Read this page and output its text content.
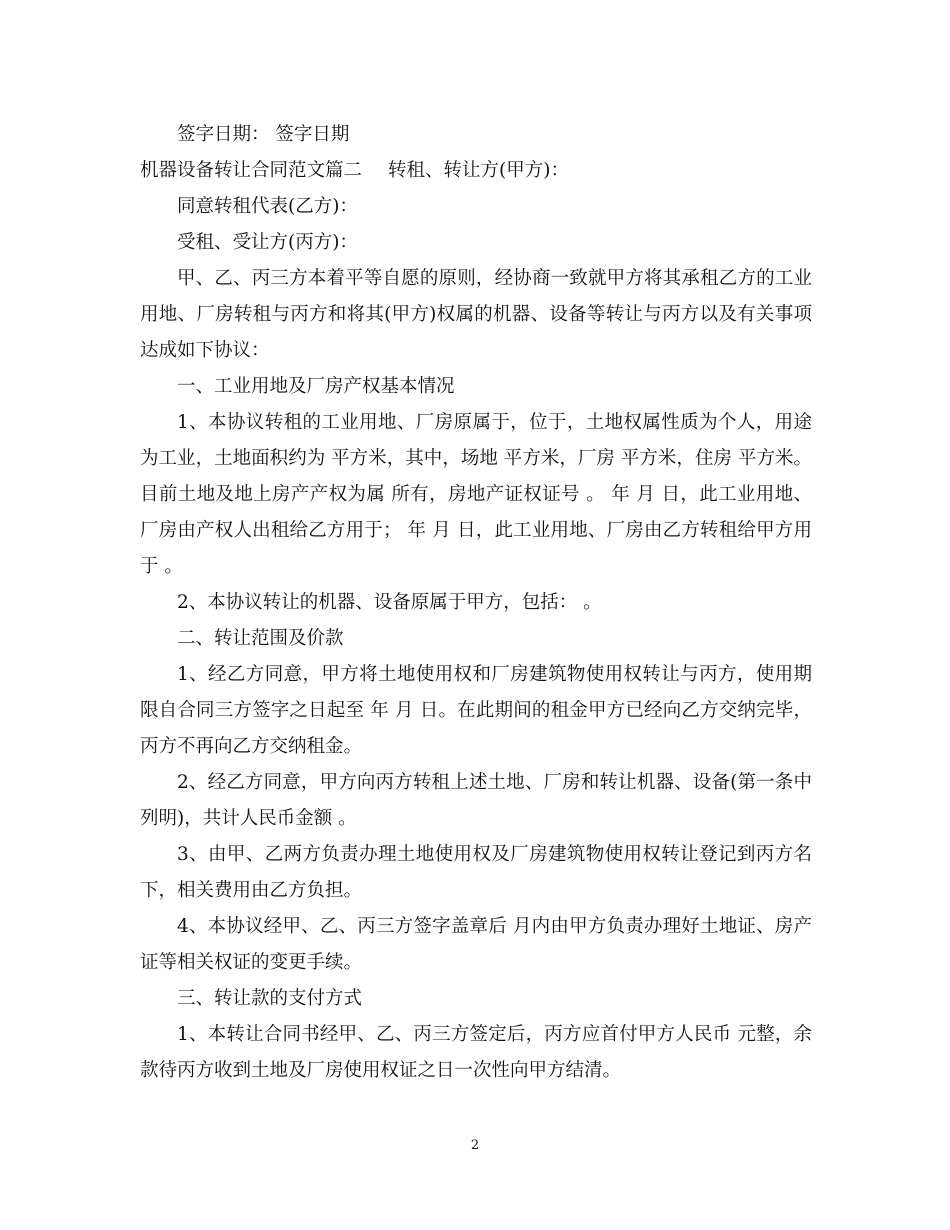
签字日期： 签字日期

机器设备转让合同范文篇二 转租、转让方(甲方)：

同意转租代表(乙方)：

受租、受让方(丙方)：

甲、乙、丙三方本着平等自愿的原则，经协商一致就甲方将其承租乙方的工业用地、厂房转租与丙方和将其(甲方)权属的机器、设备等转让与丙方以及有关事项达成如下协议：

一、工业用地及厂房产权基本情况

1、本协议转租的工业用地、厂房原属于，位于，土地权属性质为个人，用途为工业，土地面积约为 平方米，其中，场地 平方米，厂房 平方米，住房 平方米。目前土地及地上房产产权为属 所有，房地产证权证号 。 年 月 日，此工业用地、厂房由产权人出租给乙方用于； 年 月 日，此工业用地、厂房由乙方转租给甲方用于 。

2、本协议转让的机器、设备原属于甲方，包括： 。

二、转让范围及价款

1、经乙方同意，甲方将土地使用权和厂房建筑物使用权转让与丙方，使用期限自合同三方签字之日起至 年 月 日。在此期间的租金甲方已经向乙方交纳完毕，丙方不再向乙方交纳租金。

2、经乙方同意，甲方向丙方转租上述土地、厂房和转让机器、设备(第一条中列明)，共计人民币金额 。

3、由甲、乙两方负责办理土地使用权及厂房建筑物使用权转让登记到丙方名下，相关费用由乙方负担。

4、本协议经甲、乙、丙三方签字盖章后 月内由甲方负责办理好土地证、房产证等相关权证的变更手续。

三、转让款的支付方式

1、本转让合同书经甲、乙、丙三方签定后，丙方应首付甲方人民币 元整，余款待丙方收到土地及厂房使用权证之日一次性向甲方结清。

2
